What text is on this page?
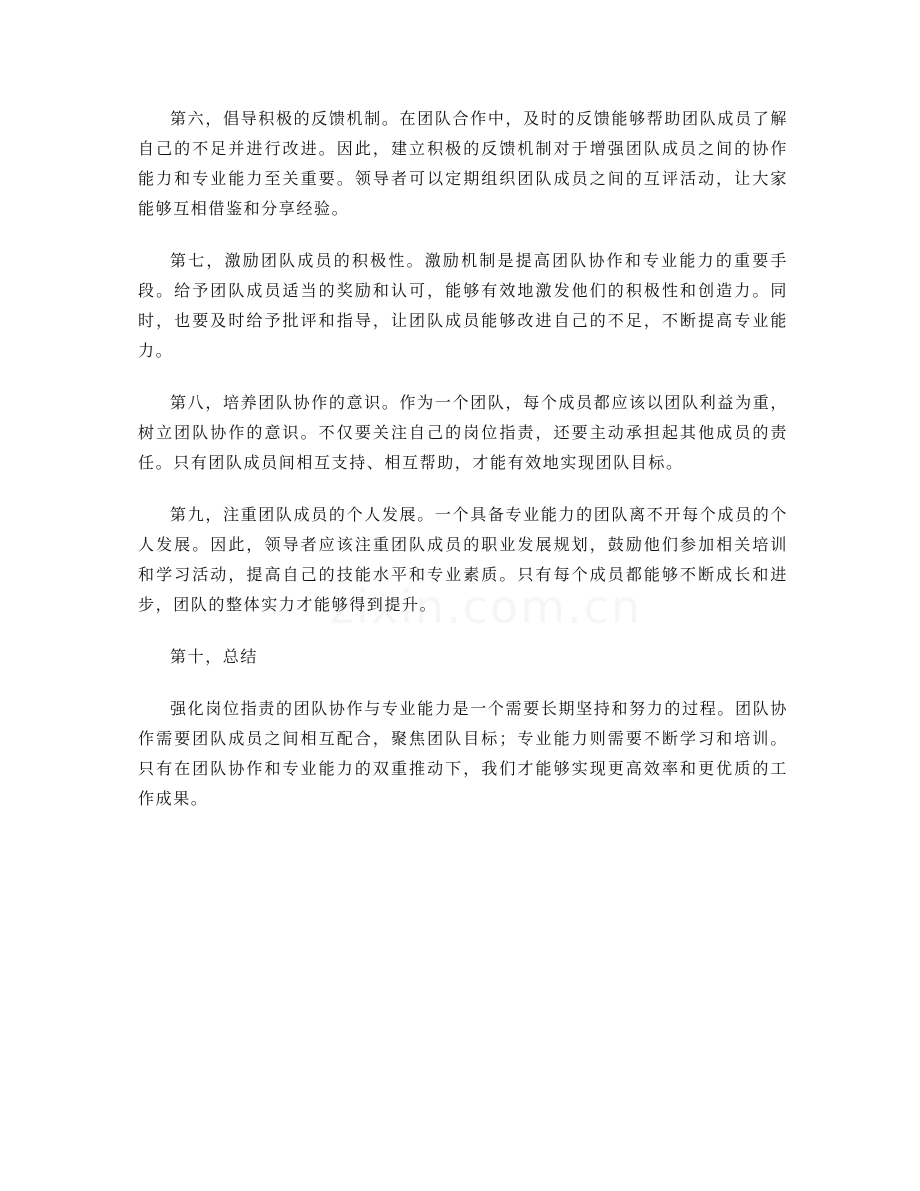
第六，倡导积极的反馈机制。在团队合作中，及时的反馈能够帮助团队成员了解自己的不足并进行改进。因此，建立积极的反馈机制对于增强团队成员之间的协作能力和专业能力至关重要。领导者可以定期组织团队成员之间的互评活动，让大家能够互相借鉴和分享经验。

第七，激励团队成员的积极性。激励机制是提高团队协作和专业能力的重要手段。给予团队成员适当的奖励和认可，能够有效地激发他们的积极性和创造力。同时，也要及时给予批评和指导，让团队成员能够改进自己的不足，不断提高专业能力。

第八，培养团队协作的意识。作为一个团队，每个成员都应该以团队利益为重，树立团队协作的意识。不仅要关注自己的岗位指责，还要主动承担起其他成员的责任。只有团队成员间相互支持、相互帮助，才能有效地实现团队目标。

第九，注重团队成员的个人发展。一个具备专业能力的团队离不开每个成员的个人发展。因此，领导者应该注重团队成员的职业发展规划，鼓励他们参加相关培训和学习活动，提高自己的技能水平和专业素质。只有每个成员都能够不断成长和进步，团队的整体实力才能够得到提升。

第十，总结

强化岗位指责的团队协作与专业能力是一个需要长期坚持和努力的过程。团队协作需要团队成员之间相互配合，聚焦团队目标；专业能力则需要不断学习和培训。只有在团队协作和专业能力的双重推动下，我们才能够实现更高效率和更优质的工作成果。
